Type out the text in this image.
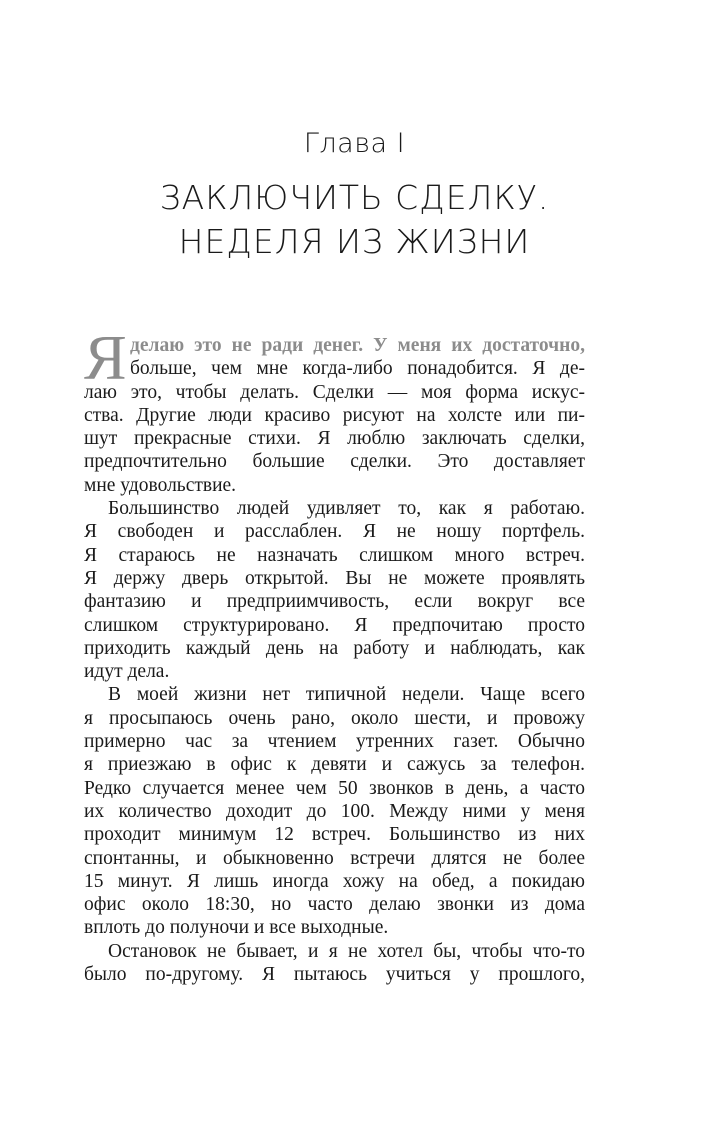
Глава I
ЗАКЛЮЧИТЬ СДЕЛКУ.
НЕДЕЛЯ ИЗ ЖИЗНИ
Я делаю это не ради денег. У меня их достаточно,
больше, чем мне когда-либо понадобится. Я де-
лаю это, чтобы делать. Сделки — моя форма искус-
ства. Другие люди красиво рисуют на холсте или пи-
шут прекрасные стихи. Я люблю заключать сделки,
предпочтительно большие сделки. Это доставляет
мне удовольствие.
Большинство людей удивляет то, как я работаю.
Я свободен и расслаблен. Я не ношу портфель.
Я стараюсь не назначать слишком много встреч.
Я держу дверь открытой. Вы не можете проявлять
фантазию и предприимчивость, если вокруг все
слишком структурировано. Я предпочитаю просто
приходить каждый день на работу и наблюдать, как
идут дела.
В моей жизни нет типичной недели. Чаще всего
я просыпаюсь очень рано, около шести, и провожу
примерно час за чтением утренних газет. Обычно
я приезжаю в офис к девяти и сажусь за телефон.
Редко случается менее чем 50 звонков в день, а часто
их количество доходит до 100. Между ними у меня
проходит минимум 12 встреч. Большинство из них
спонтанны, и обыкновенно встречи длятся не более
15 минут. Я лишь иногда хожу на обед, а покидаю
офис около 18:30, но часто делаю звонки из дома
вплоть до полуночи и все выходные.
Остановок не бывает, и я не хотел бы, чтобы что-то
было по-другому. Я пытаюсь учиться у прошлого,
